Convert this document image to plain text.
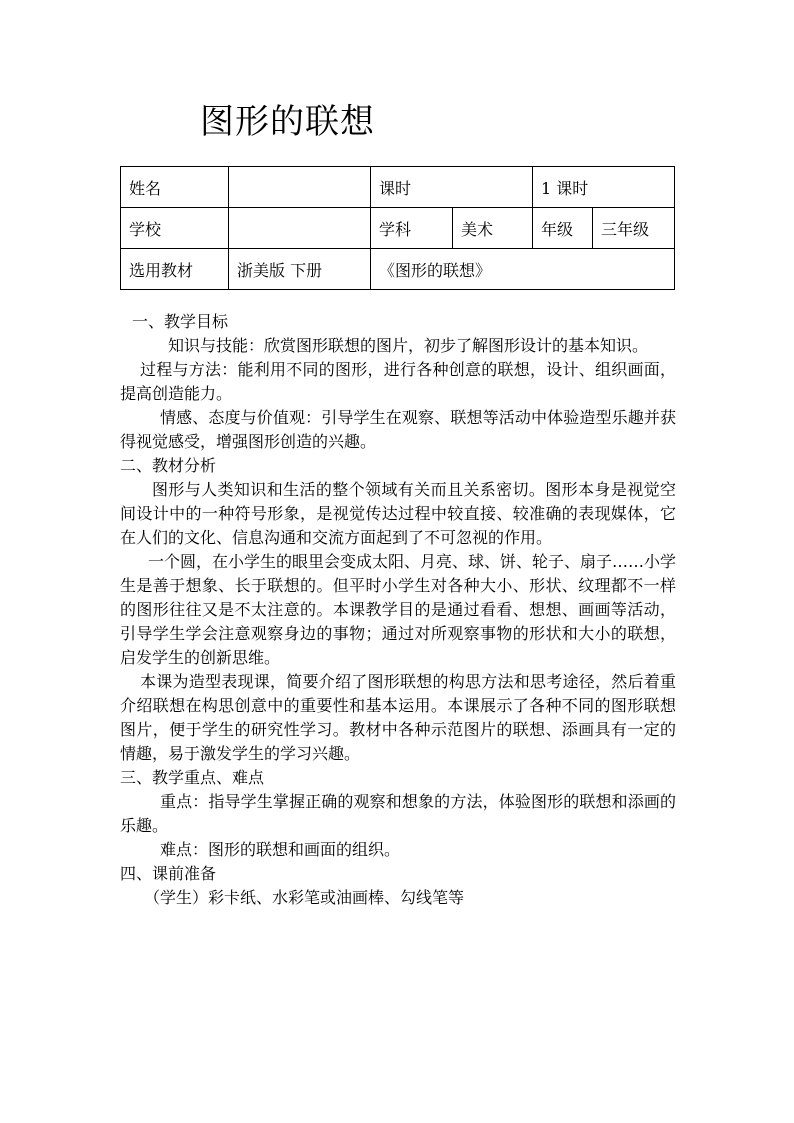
图形的联想
姓名		课时		1 课时	
学校		学科	美术	年级	三年级
选用教材	浙美版 下册	《图形的联想》			

一、教学目标

知识与技能：欣赏图形联想的图片，初步了解图形设计的基本知识。

过程与方法：能利用不同的图形，进行各种创意的联想，设计、组织画面，提高创造能力。

情感、态度与价值观：引导学生在观察、联想等活动中体验造型乐趣并获得视觉感受，增强图形创造的兴趣。

二、教材分析

图形与人类知识和生活的整个领域有关而且关系密切。图形本身是视觉空间设计中的一种符号形象，是视觉传达过程中较直接、较准确的表现媒体，它在人们的文化、信息沟通和交流方面起到了不可忽视的作用。

一个圆，在小学生的眼里会变成太阳、月亮、球、饼、轮子、扇子……小学生是善于想象、长于联想的。但平时小学生对各种大小、形状、纹理都不一样的图形往往又是不太注意的。本课教学目的是通过看看、想想、画画等活动，引导学生学会注意观察身边的事物；通过对所观察事物的形状和大小的联想，启发学生的创新思维。

本课为造型表现课，简要介绍了图形联想的构思方法和思考途径，然后着重介绍联想在构思创意中的重要性和基本运用。本课展示了各种不同的图形联想图片，便于学生的研究性学习。教材中各种示范图片的联想、添画具有一定的情趣，易于激发学生的学习兴趣。

三、教学重点、难点

重点：指导学生掌握正确的观察和想象的方法，体验图形的联想和添画的乐趣。

难点：图形的联想和画面的组织。

四、课前准备

（学生）彩卡纸、水彩笔或油画棒、勾线笔等
